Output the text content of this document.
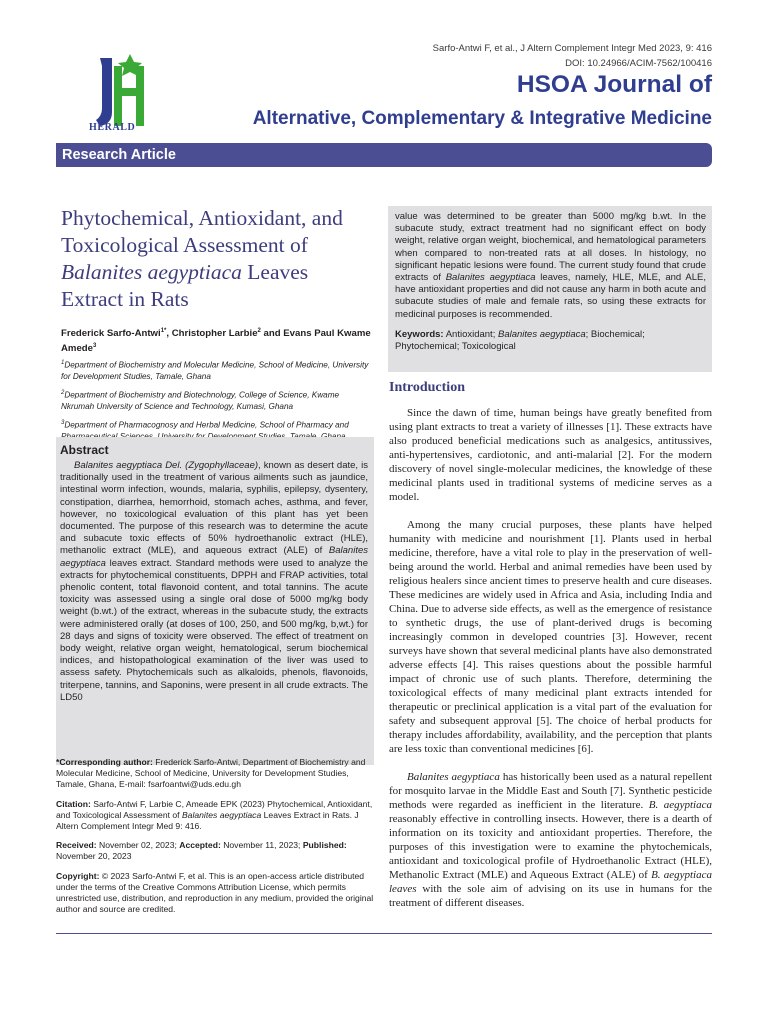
Sarfo-Antwi F, et al., J Altern Complement Integr Med 2023, 9: 416
DOI: 10.24966/ACIM-7562/100416
HERALD
HSOA Journal of
Alternative, Complementary & Integrative Medicine
Research Article
Phytochemical, Antioxidant, and Toxicological Assessment of Balanites aegyptiaca Leaves Extract in Rats
Frederick Sarfo-Antwi$^{1*}$, Christopher Larbie$^2$ and Evans Paul Kwame Amede$^3$
$^1$Department of Biochemistry and Molecular Medicine, School of Medicine, University for Development Studies, Tamale, Ghana
$^2$Department of Biochemistry and Biotechnology, College of Science, Kwame Nkrumah University of Science and Technology, Kumasi, Ghana
$^3$Department of Pharmacognosy and Herbal Medicine, School of Pharmacy and
Abstract
Balanites aegyptiaca Del. (Zygophyllaceae), known as desert date, is traditionally used in the treatment of various ailments such as jaundice, intestinal worm infection, wounds, malaria, syphilis, epilepsy, dysentery, constipation, diarrhea, hemorrhoid, stomach aches, asthma, and fever, however, no toxicological evaluation of this plant has yet been documented. The purpose of this research was to determine the acute and subacute toxic effects of 50% hydroethanolic extract (HLE), methanolic extract (MLE), and aqueous extract (ALE) of Balanites aegyptiaca leaves extract. Standard methods were used to analyze the extracts for phytochemical constituents, DPPH and FRAP activities, total phenolic content, total flavonoid content, and total tannins. The acute toxicity was assessed using a single oral dose of 5000 mg/kg body weight (b.wt.) of the extract, whereas in the subacute study, the extracts were administered orally (at doses of 100, 250, and 500 mg/kg, b,wt.) for 28 days and signs of toxicity were observed. The effect of treatment on body weight, relative organ weight, hematological, serum biochemical indices, and histopathological examination of the liver was used to assess safety. Phytochemicals such as alkaloids, phenols, flavonoids, triterpene, tannins, and Saponins, were present in all crude extracts. The LD50
value was determined to be greater than 5000 mg/kg b.wt. In the subacute study, extract treatment had no significant effect on body weight, relative organ weight, biochemical, and hematological parameters when compared to non-treated rats at all doses. In histology, no significant hepatic lesions were found. The current study found that crude extracts of Balanites aegyptiaca leaves, namely, HLE, MLE, and ALE, have antioxidant properties and did not cause any harm in both acute and subacute studies of male and female rats, so using these extracts for medicinal purposes is recommended.
Keywords: Antioxidant; Balanites aegyptiaca; Biochemical; Phytochemical; Toxicological

*Corresponding author: Frederick Sarfo-Antwi, Department of Biochemistry and Molecular Medicine, School of Medicine, University for Development Studies, Tamale, Ghana, E-mail: fsarfoantwi@uds.edu.gh

Citation: Sarfo-Antwi F, Larbie C, Ameade EPK (2023) Phytochemical, Antioxidant, and Toxicological Assessment of Balanites aegyptiaca Leaves Extract in Rats. J Altern Complement Integr Med 9: 416.

Received: November 02, 2023; Accepted: November 11, 2023; Published: November 20, 2023

Copyright: © 2023 Sarfo-Antwi F, et al. This is an open-access article distributed under the terms of the Creative Commons Attribution License, which permits unrestricted use, distribution, and reproduction in any medium, provided the original author and source are credited.

Introduction

Since the dawn of time, human beings have greatly benefited from using plant extracts to treat a variety of illnesses [1]. These extracts have also produced beneficial medications such as analgesics, antitussives, anti-hypertensives, cardiotonic, and anti-malarial [2]. For the modern discovery of novel single-molecular medicines, the knowledge of these medicinal plants used in traditional systems of medicine serves as a model.

Among the many crucial purposes, these plants have helped humanity with medicine and nourishment [1]. Plants used in herbal medicine, therefore, have a vital role to play in the preservation of well-being around the world. Herbal and animal remedies have been used by religious healers since ancient times to preserve health and cure diseases. These medicines are widely used in Africa and Asia, including India and China. Due to adverse side effects, as well as the emergence of resistance to synthetic drugs, the use of plant-derived drugs is becoming increasingly common in developed countries [3]. However, recent surveys have shown that several medicinal plants have also demonstrated adverse effects [4]. This raises questions about the possible harmful impact of chronic use of such plants. Therefore, determining the toxicological effects of many medicinal plant extracts intended for therapeutic or preclinical application is a vital part of the evaluation for safety and subsequent approval [5]. The choice of herbal products for therapy includes affordability, availability, and the perception that plants are less toxic than conventional medicines [6].

Balanites aegyptiaca has historically been used as a natural repellent for mosquito larvae in the Middle East and South [7]. Synthetic pesticide methods were regarded as inefficient in the literature. B. aegyptiaca reasonably effective in controlling insects. However, there is a dearth of information on its toxicity and antioxidant properties. Therefore, the purposes of this investigation were to examine the phytochemicals, antioxidant and toxicological profile of Hydroethanolic Extract (HLE), Methanolic Extract (MLE) and Aqueous Extract (ALE) of B. aegyptiaca leaves with the sole aim of advising on its use in humans for the treatment of different diseases.
